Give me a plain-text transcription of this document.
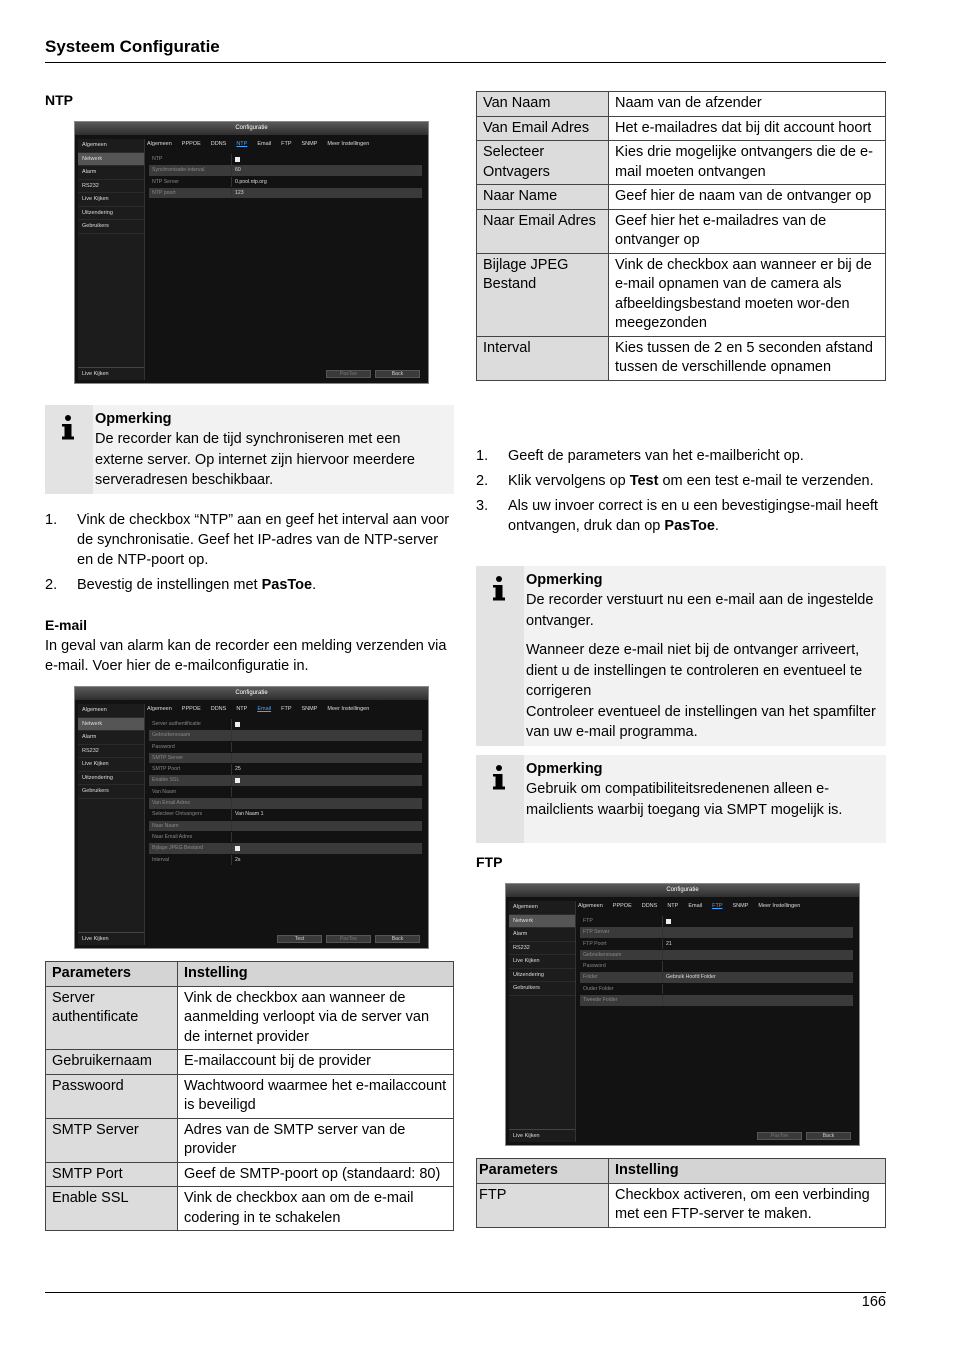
Systeem Configuratie
NTP
Configuratie
Algemeen PPPOE DDNS NTP Email FTP SNMP Meer Instellingen
Algemeen
Netwerk
Alarm
RS232
Live Kijken
Uitzendering
Gebruikers
Live Kijken
NTP
Synchronisatie-interval	60
NTP Server	0.pool.ntp.org
NTP poort	123
PasToe	Back
Opmerking
De recorder kan de tijd synchroniseren met een externe server. Op internet zijn hiervoor meerdere serveradresen beschikbaar.
1.	Vink de checkbox “NTP” aan en geef het interval aan voor de synchronisatie. Geef het IP-adres van de NTP-server en de NTP-poort op.
2.	Bevestig de instellingen met PasToe.
E-mail
In geval van alarm kan de recorder een melding verzenden via e-mail. Voer hier de e-mailconfiguratie in.
Configuratie
Algemeen PPPOE DDNS NTP Email FTP SNMP Meer Instellingen
Algemeen
Netwerk
Alarm
RS232
Live Kijken
Uitzendering
Gebruikers
Live Kijken
Server authentificatie
Gebruikersnaam
Password
SMTP Server
SMTP Poort	25
Enable SSL
Van Naam
Van Email Adres
Selecteer Ontvangers	Van Naam 1
Naar Naam
Naar Email Adres
Bijlage JPEG Bestand
Interval	2s
Test	PasToe	Back
Parameters	Instelling
Server authentificate	Vink de checkbox aan wanneer de aanmelding verloopt via de server van de internet provider
Gebruikernaam	E-mailaccount bij de provider
Passwoord	Wachtwoord waarmee het e-mailaccount is beveiligd
SMTP Server	Adres van de SMTP server van de provider
SMTP Port	Geef de SMTP-poort op (standaard: 80)
Enable SSL	Vink de checkbox aan om de e-mail codering in te schakelen
Van Naam	Naam van de afzender
Van Email Adres	Het e-mailadres dat bij dit account hoort
Selecteer Ontvagers	Kies drie mogelijke ontvangers die de e-mail moeten ontvangen
Naar Name	Geef hier de naam van de ontvanger op
Naar Email Adres	Geef hier het e-mailadres van de ontvanger op
Bijlage JPEG Bestand	Vink de checkbox aan wanneer er bij de e-mail opnamen van de camera als afbeeldingsbestand moeten wor-den meegezonden
Interval	Kies tussen de 2 en 5 seconden afstand tussen de verschillende opnamen
1.	Geeft de parameters van het e-mailbericht op.
2.	Klik vervolgens op Test om een test e-mail te verzenden.
3.	Als uw invoer correct is en u een bevestigingse-mail heeft ontvangen, druk dan op PasToe.
Opmerking
De recorder verstuurt nu een e-mail aan de ingestelde ontvanger.
Wanneer deze e-mail niet bij de ontvanger arriveert, dient u de instellingen te controleren en eventueel te corrigeren
Controleer eventueel de instellingen van het spamfilter van uw e-mail programma.
Opmerking
Gebruik om compatibiliteitsredenenen alleen e-mailclients waarbij toegang via SMPT mogelijk is.
FTP
Configuratie
Algemeen PPPOE DDNS NTP Email FTP SNMP Meer Instellingen
Algemeen
Netwerk
Alarm
RS232
Live Kijken
Uitzendering
Gebruikers
Live Kijken
FTP
FTP Server
FTP Poort	21
Gebruikersnaam
Password
Folder	Gebruik Hoofd Folder
Ouder Folder
Tweede Folder
PasToe	Back
Parameters	Instelling
FTP	Checkbox activeren, om een verbinding met een FTP-server te maken.
166
